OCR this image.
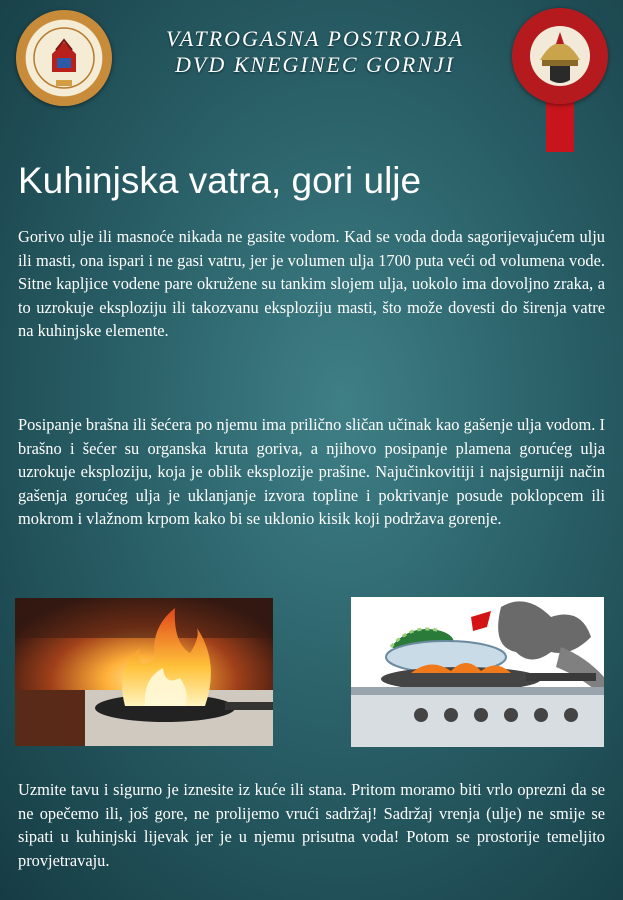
VATROGASNA POSTROJBA
DVD KNEGINEC GORNJI
Kuhinjska vatra, gori ulje

Gorivo ulje ili masnoće nikada ne gasite vodom. Kad se voda doda sagorijevajućem ulju ili masti, ona ispari i ne gasi vatru, jer je volumen ulja 1700 puta veći od volumena vode. Sitne kapljice vodene pare okružene su tankim slojem ulja, uokolo ima dovoljno zraka, a to uzrokuje eksploziju ili takozvanu eksploziju masti, što može dovesti do širenja vatre na kuhinjske elemente.

Posipanje brašna ili šećera po njemu ima prilično sličan učinak kao gašenje ulja vodom. I brašno i šećer su organska kruta goriva, a njihovo posipanje plamena gorućeg ulja uzrokuje eksploziju, koja je oblik eksplozije prašine. Najučinkovitiji i najsigurniji način gašenja gorućeg ulja je uklanjanje izvora topline i pokrivanje posude poklopcem ili mokrom i vlažnom krpom kako bi se uklonio kisik koji podržava gorenje.

Uzmite tavu i sigurno je iznesite iz kuće ili stana. Pritom moramo biti vrlo oprezni da se ne opečemo ili, još gore, ne prolijemo vrući sadržaj! Sadržaj vrenja (ulje) ne smije se sipati u kuhinjski lijevak jer je u njemu prisutna voda! Potom se prostorije temeljito provjetravaju.
